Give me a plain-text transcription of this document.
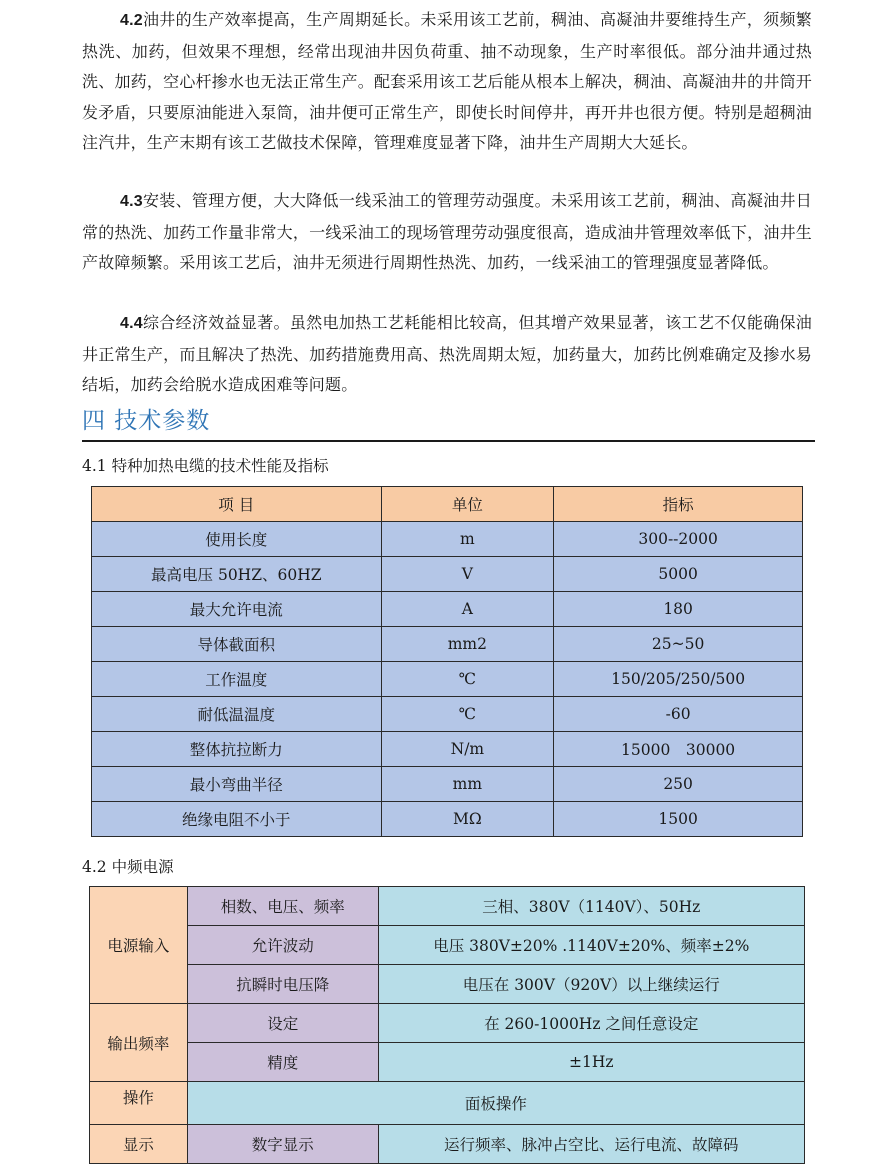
4.2油井的生产效率提高，生产周期延长。未采用该工艺前，稠油、高凝油井要维持生产，须频繁热洗、加药，但效果不理想，经常出现油井因负荷重、抽不动现象，生产时率很低。部分油井通过热洗、加药，空心杆掺水也无法正常生产。配套采用该工艺后能从根本上解决，稠油、高凝油井的井筒开发矛盾，只要原油能进入泵筒，油井便可正常生产，即使长时间停井，再开井也很方便。特别是超稠油注汽井，生产末期有该工艺做技术保障，管理难度显著下降，油井生产周期大大延长。

4.3安装、管理方便，大大降低一线采油工的管理劳动强度。未采用该工艺前，稠油、高凝油井日常的热洗、加药工作量非常大，一线采油工的现场管理劳动强度很高，造成油井管理效率低下，油井生产故障频繁。采用该工艺后，油井无须进行周期性热洗、加药，一线采油工的管理强度显著降低。

4.4综合经济效益显著。虽然电加热工艺耗能相比较高，但其增产效果显著，该工艺不仅能确保油井正常生产，而且解决了热洗、加药措施费用高、热洗周期太短，加药量大，加药比例难确定及掺水易结垢，加药会给脱水造成困难等问题。

四 技术参数

4.1 特种加热电缆的技术性能及指标

项 目	单位	指标
使用长度	m	300--2000
最高电压 50HZ、60HZ	V	5000
最大允许电流	A	180
导体截面积	mm2	25~50
工作温度	℃	150/205/250/500
耐低温温度	℃	-60
整体抗拉断力	N/m	15000　30000
最小弯曲半径	mm	250
绝缘电阻不小于	MΩ	1500

4.2 中频电源

电源输入	相数、电压、频率	三相、380V（1140V）、50Hz
	允许波动	电压 380V±20% .1140V±20%、频率±2%
	抗瞬时电压降	电压在 300V（920V）以上继续运行
输出频率	设定	在 260-1000Hz 之间任意设定
	精度	±1Hz
操作	面板操作	
显示	数字显示	运行频率、脉冲占空比、运行电流、故障码
